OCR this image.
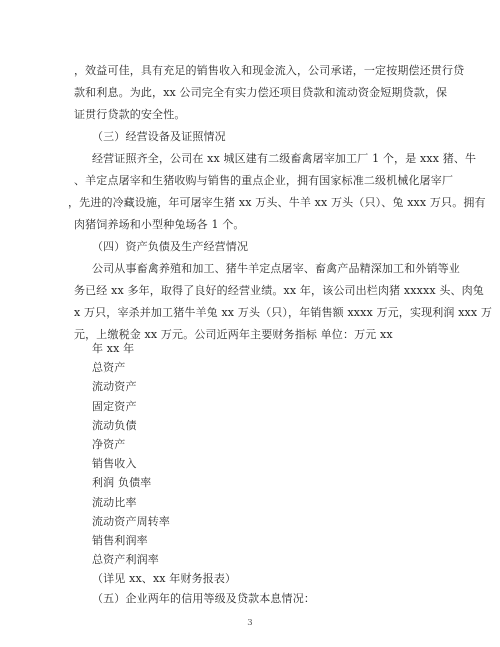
，效益可佳，具有充足的销售收入和现金流入，公司承诺，一定按期偿还贯行贷
款和利息。为此，xx 公司完全有实力偿还项目贷款和流动资金短期贷款，保
证贯行贷款的安全性。
（三）经营设备及证照情况
经营证照齐全，公司在 xx 城区建有二级畜禽屠宰加工厂 1 个，是 xxx 猪、牛
、羊定点屠宰和生猪收购与销售的重点企业，拥有国家标准二级机械化屠宰厂
，先进的冷藏设施，年可屠宰生猪 xx 万头、牛羊 xx 万头（只）、兔 xxx 万只。拥有
肉猪饲养场和小型种兔场各 1 个。
（四）资产负债及生产经营情况
公司从事畜禽养殖和加工、猪牛羊定点屠宰、畜禽产品精深加工和外销等业
务已经 xx 多年，取得了良好的经营业绩。xx 年，该公司出栏肉猪 xxxxx 头、肉兔
x 万只，宰杀并加工猪牛羊兔 xx 万头（只），年销售额 xxxx 万元，实现利润 xxx 万
元，上缴税金 xx 万元。公司近两年主要财务指标 单位：万元 xx
年 xx 年
总资产
流动资产
固定资产
流动负债
净资产
销售收入
利润 负债率
流动比率
流动资产周转率
销售利润率
总资产利润率
（详见 xx、xx 年财务报表）
（五）企业两年的信用等级及贷款本息情况：
3
